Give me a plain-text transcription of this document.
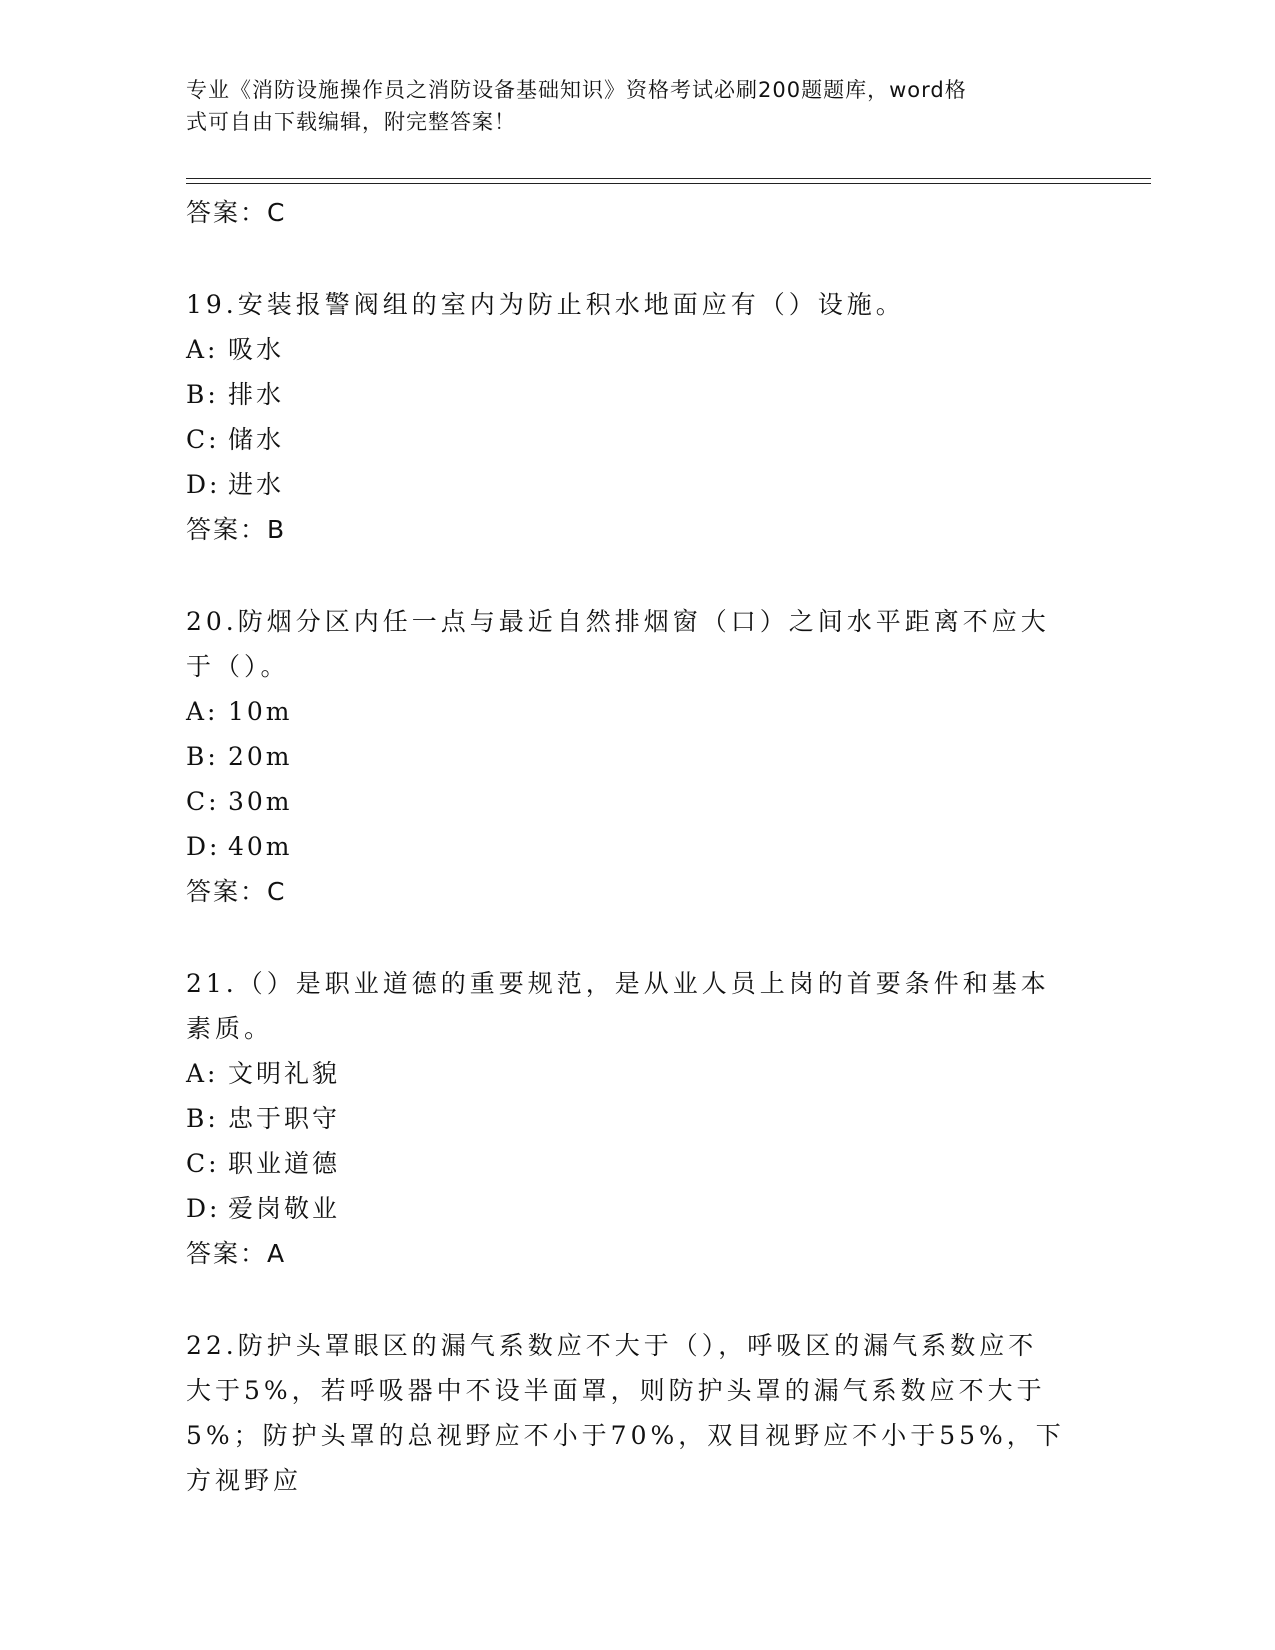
专业《消防设施操作员之消防设备基础知识》资格考试必刷200题题库，word格
式可自由下载编辑，附完整答案！
答案：C
19.安装报警阀组的室内为防止积水地面应有（）设施。
A: 吸水
B: 排水
C: 储水
D: 进水
答案：B
20.防烟分区内任一点与最近自然排烟窗（口）之间水平距离不应大于（）。
A: 10m
B: 20m
C: 30m
D: 40m
答案：C
21.（）是职业道德的重要规范，是从业人员上岗的首要条件和基本素质。
A: 文明礼貌
B: 忠于职守
C: 职业道德
D: 爱岗敬业
答案：A
22.防护头罩眼区的漏气系数应不大于（），呼吸区的漏气系数应不大于5%，若呼吸器中不设半面罩，则防护头罩的漏气系数应不大于5%；防护头罩的总视野应不小于70%，双目视野应不小于55%，下方视野应
